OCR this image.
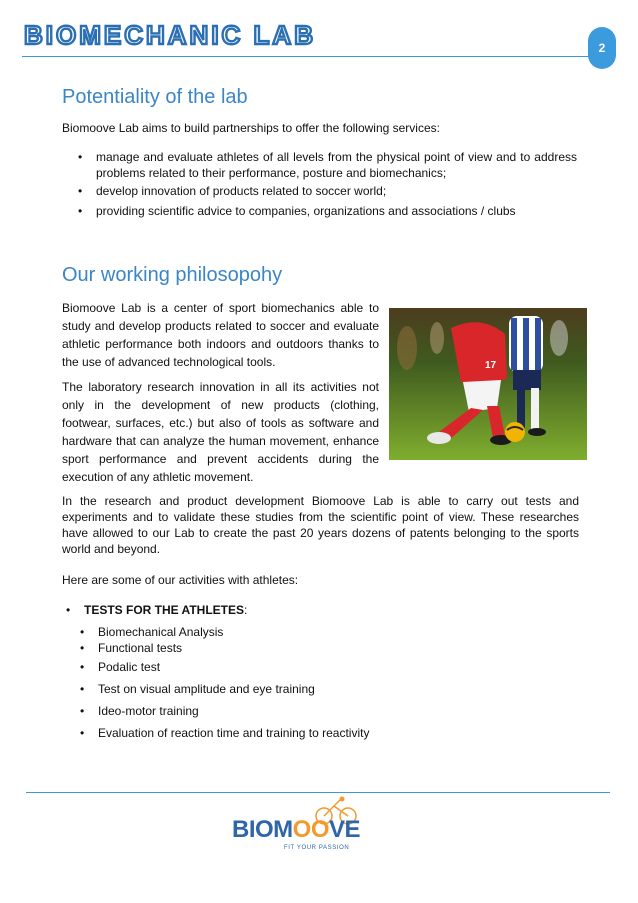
BIOMECHANIC LAB	2
Potentiality of the lab

Biomoove Lab aims to build partnerships to offer the following services:

• manage and evaluate athletes of all levels from the physical point of view and to address problems related to their performance, posture and biomechanics;
• develop innovation of products related to soccer world;
• providing scientific advice to companies, organizations and associations / clubs
Our working philosopohy

Biomoove Lab is a center of sport biomechanics able to study and develop products related to soccer and evaluate athletic performance both indoors and outdoors thanks to the use of advanced technological tools.

The laboratory research innovation in all its activities not only in the development of new products (clothing, footwear, surfaces, etc.) but also of tools as software and hardware that can analyze the human movement, enhance sport performance and prevent accidents during the execution of any athletic movement.

17

In the research and product development Biomoove Lab is able to carry out tests and experiments and to validate these studies from the scientific point of view. These researches have allowed to our Lab to create the past 20 years dozens of patents belonging to the sports world and beyond.

Here are some of our activities with athletes:

• TESTS FOR THE ATHLETES:
• Biomechanical Analysis
• Functional tests
• Podalic test
• Test on visual amplitude and eye training
• Ideo-motor training
• Evaluation of reaction time and training to reactivity
BIOMOOVE
FIT YOUR PASSION
